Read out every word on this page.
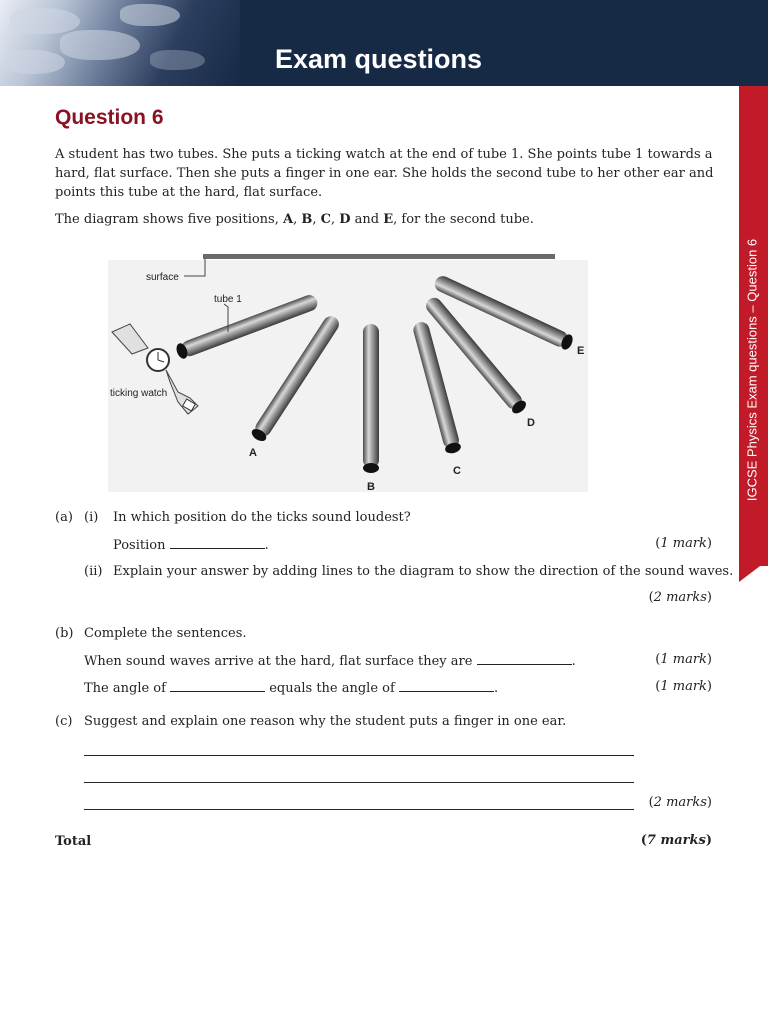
Exam questions
IGCSE Physics Exam questions – Question 6
Question 6
A student has two tubes. She puts a ticking watch at the end of tube 1. She points tube 1 towards a hard, flat surface. Then she puts a finger in one ear. She holds the second tube to her other ear and points this tube at the hard, flat surface.
The diagram shows five positions, A, B, C, D and E, for the second tube.
surface
tube 1
ticking watch
A
B
C
D
E
(a) (i) In which position do the ticks sound loudest?
Position	.	(1 mark)
(ii) Explain your answer by adding lines to the diagram to show the direction of the sound waves.
(2 marks)
(b) Complete the sentences.
When sound waves arrive at the hard, flat surface they are	.	(1 mark)
The angle of	equals the angle of	.	(1 mark)
(c) Suggest and explain one reason why the student puts a finger in one ear.
(2 marks)
Total	(7 marks)
